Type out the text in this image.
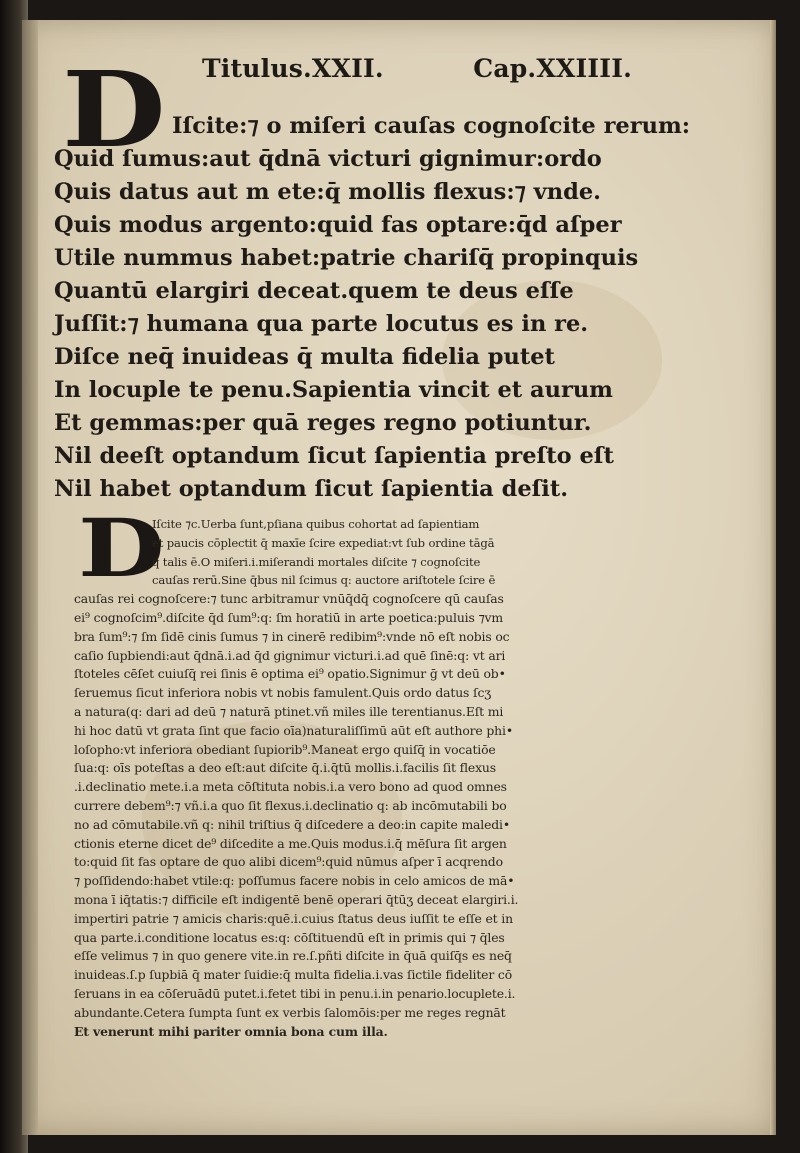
Titulus.XXII.	Cap.XXIIII.
D Iſcite:⁊ o miſeri cauſas cognoſcite rerum:
Quid ſumus:aut q̄dnā victuri gignimur:ordo
Quis datus aut m ete:q̄ mollis flexus:⁊ vnde.
Quis modus argento:quid fas optare:q̄d aſper
Utile nummus habet:patrie chariſq̄ propinquis
Quantū elargiri deceat.quem te deus eſſe
Juſſit:⁊ humana qua parte locutus es in re.
Diſce neq̄ inuideas q̄ multa fidelia putet
In locuple te penu.Sapientia vincit et aurum
Et gemmas:per quā reges regno potiuntur.
Nil deeſt optandum ſicut ſapientia preſto eſt
Nil habet optandum ſicut ſapientia deſit.
D
Iſcite ⁊c.Uerba ſunt,pſiana quibus cohortat ad ſapientiam
et paucis cōplectit q̄ maxīe ſcire expediat:vt ſub ordine tāgā
q̄ talis ē.O miſeri.i.miſerandi mortales diſcite ⁊ cognoſcite
cauſas rerū.Sine q̄bus nil ſcimus q: auctore ariſtotele ſcire ē
cauſas rei cognoſcere:⁊ tunc arbitramur vnūq̄dq̄ cognoſcere qū cauſas
ei⁹ cognoſcim⁹.diſcite q̄d ſum⁹:q: ſm horatiū in arte poetica:puluis ⁊vm
bra ſum⁹:⁊ ſm ſidē cinis ſumus ⁊ in cinerē redibim⁹:vnde nō eſt nobis oc
caſio ſupbiendi:aut q̄dnā.i.ad q̄d gignimur victuri.i.ad quē ſinē:q: vt ari
ſtoteles cēſet cuiuſq̄ rei ſinis ē optima ei⁹ opatio.Signimur ḡ vt deū ob•
ſeruemus ſicut inferiora nobis vt nobis famulent.Quis ordo datus ſcʒ
a natura(q: dari ad deū ⁊ naturā ptinet.vñ miles ille terentianus.Eſt mi
hi hoc datū vt grata ſint que facio oīa)naturaliſſimū aūt eſt authore phi•
loſopho:vt inferiora obediant ſupiorib⁹.Maneat ergo quiſq̄ in vocatiōe
ſua:q: oīs poteſtas a deo eſt:aut diſcite q̄.i.q̄tū mollis.i.facilis ſit flexus
.i.declinatio mete.i.a meta cōſtituta nobis.i.a vero bono ad quod omnes
currere debem⁹:⁊ vñ.i.a quo ſit flexus.i.declinatio q: ab incōmutabili bo
no ad cōmutabile.vñ q: nihil triſtius q̄ diſcedere a deo:in capite maledi•
ctionis eterne dicet de⁹ diſcedite a me.Quis modus.i.q̄ mēſura ſit argen
to:quid ſit fas optare de quo alibi dicem⁹:quid nūmus aſper ī acqrendo
⁊ poſſidendo:habet vtile:q: poſſumus facere nobis in celo amicos de mā•
mona ī iq̄tatis:⁊ difficile eſt indigentē benē operari q̄tūʒ deceat elargiri.i.
impertiri patrie ⁊ amicis charis:quē.i.cuius ſtatus deus iuſſit te eſſe et in
qua parte.i.conditione locatus es:q: cōſtituendū eſt in primis qui ⁊ q̄les
eſſe velimus ⁊ in quo genere vite.in re.ſ.pñti diſcite in q̄uā quiſq̄s es neq̄
inuideas.ſ.p ſupbiā q̄ mater ſuidie:q̄ multa fidelia.i.vas ſictile fideliter cō
ſeruans in ea cōſeruādū putet.i.fetet tibi in penu.i.in penario.locuplete.i.
abundante.Cetera ſumpta ſunt ex verbis ſalomōis:per me reges regnāt
Et venerunt mihi pariter omnia bona cum illa.
